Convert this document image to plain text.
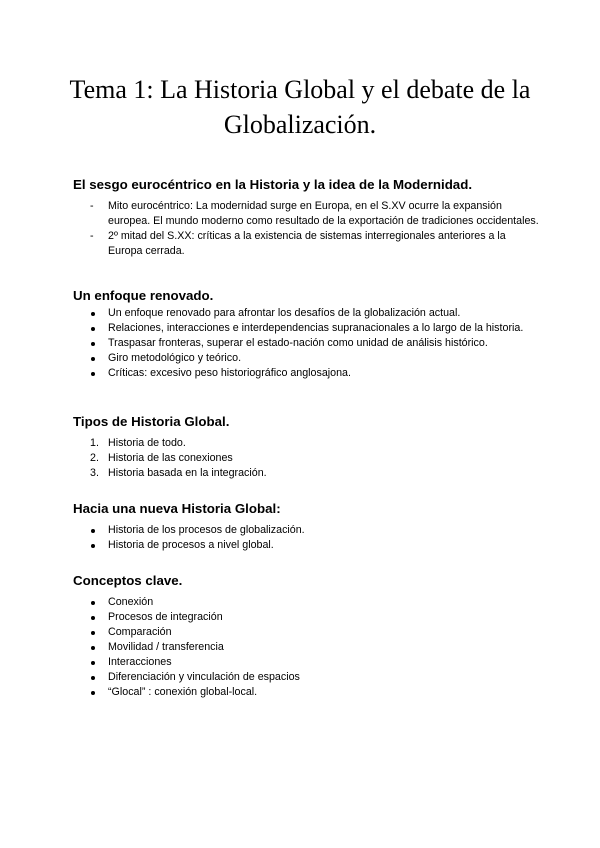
Tema 1: La Historia Global y el debate de la
Globalización.
El sesgo eurocéntrico en la Historia y la idea de la Modernidad.
- Mito eurocéntrico: La modernidad surge en Europa, en el S.XV ocurre la expansión europea. El mundo moderno como resultado de la exportación de tradiciones occidentales.
- 2º mitad del S.XX: críticas a la existencia de sistemas interregionales anteriores a la Europa cerrada.
Un enfoque renovado.
Un enfoque renovado para afrontar los desafíos de la globalización actual.
Relaciones, interacciones e interdependencias supranacionales a lo largo de la historia.
Traspasar fronteras, superar el estado-nación como unidad de análisis histórico.
Giro metodológico y teórico.
Críticas: excesivo peso historiográfico anglosajona.
Tipos de Historia Global.
1. Historia de todo.
2. Historia de las conexiones
3. Historia basada en la integración.
Hacia una nueva Historia Global:
Historia de los procesos de globalización.
Historia de procesos a nivel global.
Conceptos clave.
Conexión
Procesos de integración
Comparación
Movilidad / transferencia
Interacciones
Diferenciación y vinculación de espacios
“Glocal” : conexión global-local.
